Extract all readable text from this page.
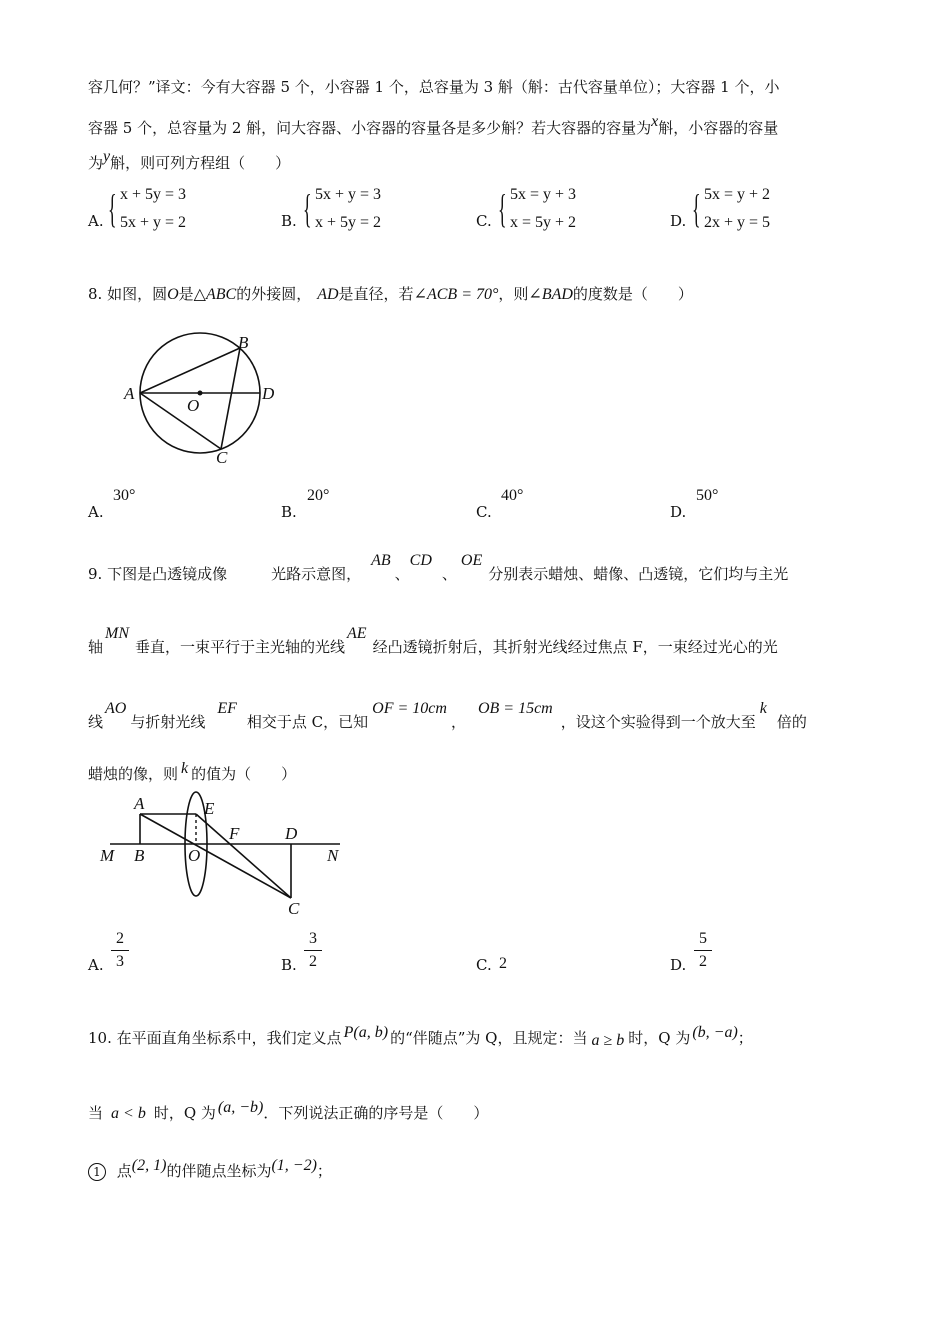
容几何？”译文：今有大容器 5 个，小容器 1 个，总容量为 3 斛（斛：古代容量单位）；大容器 1 个，小
容器 5 个，总容量为 2 斛，问大容器、小容器的容量各是多少斛？若大容器的容量为x斛，小容器的容量
为y斛，则可列方程组（　　）
A. { x + 5y = 3
5x + y = 2	B. { 5x + y = 3
x + 5y = 2	C. { 5x = y + 3
x = 5y + 2	D. { 5x = y + 2
2x + y = 5
8. 如图，圆O是△ABC的外接圆， AD是直径，若∠ACB = 70°，则∠BAD的度数是（　　）
A
B
C
D
O
A.
30°
B.
20°
C.
40°
D.
50°
9. 下图是凸透镜成像	光路示意图，AB、CD、OE分别表示蜡烛、蜡像、凸透镜，它们均与主光
轴MN垂直，一束平行于主光轴的光线AE经凸透镜折射后，其折射光线经过焦点 F，一束经过光心的光
线AO与折射光线EF相交于点 C，已知OF = 10cm，OB = 15cm，设这个实验得到一个放大至k倍的
蜡烛的像，则 k 的值为（　　）
A	E
F	D
M B	O	N
C
A.
2
3	B.
3
2	C. 2	D.
5
2
10. 在平面直角坐标系中，我们定义点 P(a, b) 的“伴随点”为 Q，且规定：当 a ≥ b 时，Q 为 (b, −a)；
当 a < b 时，Q 为 (a, −b)．下列说法正确的序号是（　　）
1 点(2, 1)的伴随点坐标为(1, −2)；
